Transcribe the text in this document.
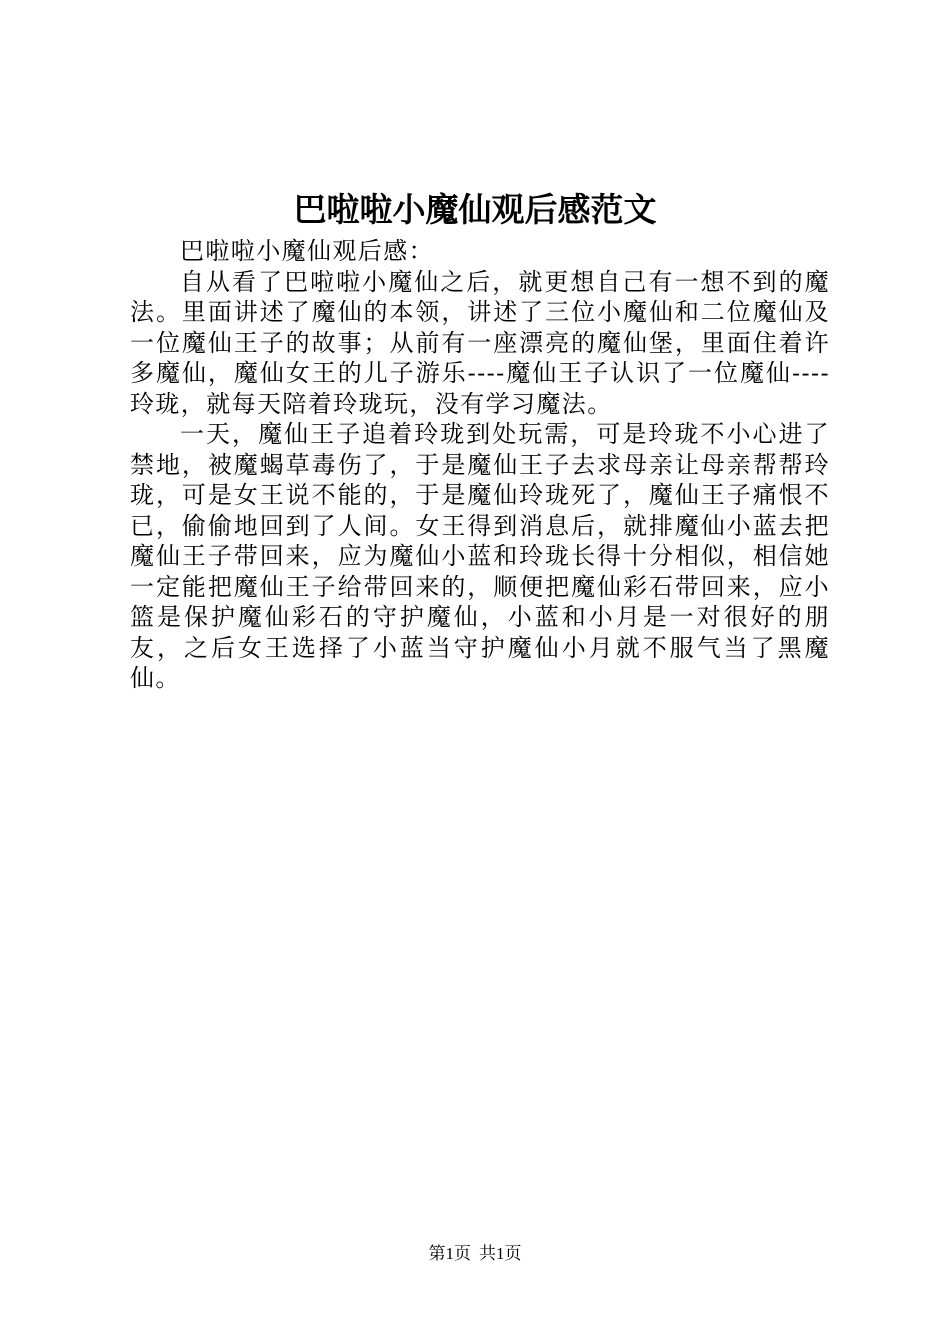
巴啦啦小魔仙观后感范文

巴啦啦小魔仙观后感：

自从看了巴啦啦小魔仙之后，就更想自己有一想不到的魔法。里面讲述了魔仙的本领，讲述了三位小魔仙和二位魔仙及一位魔仙王子的故事；从前有一座漂亮的魔仙堡，里面住着许多魔仙，魔仙女王的儿子游乐----魔仙王子认识了一位魔仙----玲珑，就每天陪着玲珑玩，没有学习魔法。

一天，魔仙王子追着玲珑到处玩需，可是玲珑不小心进了禁地，被魔蝎草毒伤了，于是魔仙王子去求母亲让母亲帮帮玲珑，可是女王说不能的，于是魔仙玲珑死了，魔仙王子痛恨不已，偷偷地回到了人间。女王得到消息后，就排魔仙小蓝去把魔仙王子带回来，应为魔仙小蓝和玲珑长得十分相似，相信她一定能把魔仙王子给带回来的，顺便把魔仙彩石带回来，应小篮是保护魔仙彩石的守护魔仙，小蓝和小月是一对很好的朋友，之后女王选择了小蓝当守护魔仙小月就不服气当了黑魔仙。

第1页 共1页
